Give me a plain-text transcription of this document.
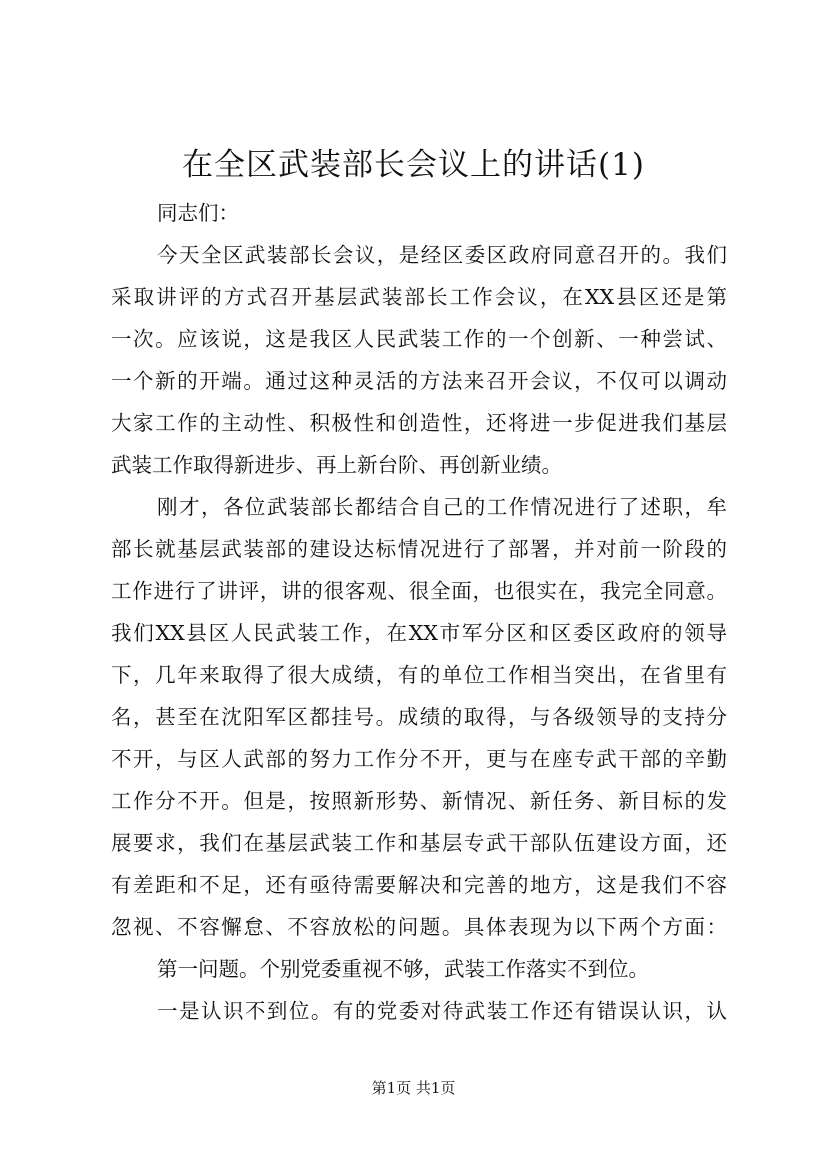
在全区武装部长会议上的讲话(1)
同志们：
今天全区武装部长会议，是经区委区政府同意召开的。我们
采取讲评的方式召开基层武装部长工作会议，在XX县区还是第
一次。应该说，这是我区人民武装工作的一个创新、一种尝试、
一个新的开端。通过这种灵活的方法来召开会议，不仅可以调动
大家工作的主动性、积极性和创造性，还将进一步促进我们基层
武装工作取得新进步、再上新台阶、再创新业绩。
刚才，各位武装部长都结合自己的工作情况进行了述职，牟
部长就基层武装部的建设达标情况进行了部署，并对前一阶段的
工作进行了讲评，讲的很客观、很全面，也很实在，我完全同意。
我们XX县区人民武装工作，在XX市军分区和区委区政府的领导
下，几年来取得了很大成绩，有的单位工作相当突出，在省里有
名，甚至在沈阳军区都挂号。成绩的取得，与各级领导的支持分
不开，与区人武部的努力工作分不开，更与在座专武干部的辛勤
工作分不开。但是，按照新形势、新情况、新任务、新目标的发
展要求，我们在基层武装工作和基层专武干部队伍建设方面，还
有差距和不足，还有亟待需要解决和完善的地方，这是我们不容
忽视、不容懈怠、不容放松的问题。具体表现为以下两个方面：
第一问题。个别党委重视不够，武装工作落实不到位。
一是认识不到位。有的党委对待武装工作还有错误认识，认
第1页 共1页
